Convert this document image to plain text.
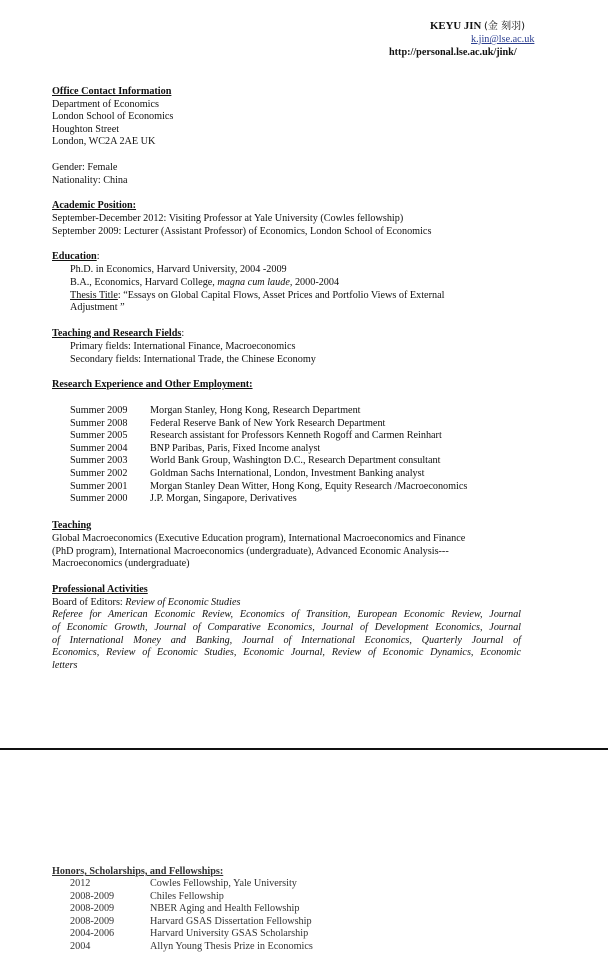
KEYU JIN (金 刻羽)
k.jin@lse.ac.uk
http://personal.lse.ac.uk/jink/
Office Contact Information
Department of Economics
London School of Economics
Houghton Street
London, WC2A 2AE UK
Gender: Female
Nationality: China
Academic Position:
September-December 2012: Visiting Professor at Yale University (Cowles fellowship)
September 2009: Lecturer (Assistant Professor) of Economics, London School of Economics
Education:
Ph.D. in Economics, Harvard University, 2004 -2009
B.A., Economics, Harvard College, magna cum laude, 2000-2004
Thesis Title: “Essays on Global Capital Flows, Asset Prices and Portfolio Views of External
Adjustment ”
Teaching and Research Fields:
Primary fields: International Finance, Macroeconomics
Secondary fields: International Trade, the Chinese Economy
Research Experience and Other Employment:
Summer 2009 Morgan Stanley, Hong Kong, Research Department
Summer 2008 Federal Reserve Bank of New York Research Department
Summer 2005 Research assistant for Professors Kenneth Rogoff and Carmen Reinhart
Summer 2004 BNP Paribas, Paris, Fixed Income analyst
Summer 2003 World Bank Group, Washington D.C., Research Department consultant
Summer 2002 Goldman Sachs International, London, Investment Banking analyst
Summer 2001 Morgan Stanley Dean Witter, Hong Kong, Equity Research /Macroeconomics
Summer 2000 J.P. Morgan, Singapore, Derivatives
Teaching
Global Macroeconomics (Executive Education program), International Macroeconomics and Finance
(PhD program), International Macroeconomics (undergraduate), Advanced Economic Analysis---
Macroeconomics (undergraduate)
Professional Activities
Board of Editors: Review of Economic Studies
Referee for American Economic Review, Economics of Transition, European Economic Review, Journal
of Economic Growth, Journal of Comparative Economics, Journal of Development Economics, Journal
of International Money and Banking, Journal of International Economics, Quarterly Journal of
Economics, Review of Economic Studies, Economic Journal, Review of Economic Dynamics, Economic
letters
Honors, Scholarships, and Fellowships:
2012	Cowles Fellowship, Yale University
2008-2009	Chiles Fellowship
2008-2009	NBER Aging and Health Fellowship
2008-2009	Harvard GSAS Dissertation Fellowship
2004-2006	Harvard University GSAS Scholarship
2004	Allyn Young Thesis Prize in Economics
